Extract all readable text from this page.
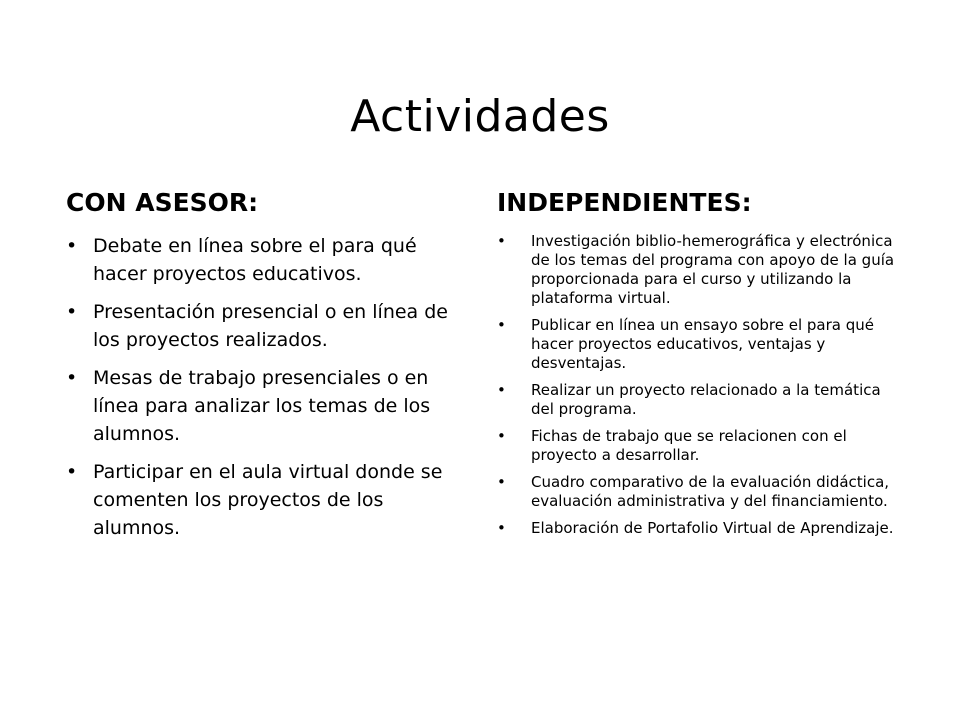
Actividades
CON ASESOR:
• Debate en línea sobre el para qué hacer proyectos educativos.
• Presentación presencial o en línea de los proyectos realizados.
• Mesas de trabajo presenciales o en línea para analizar los temas de los alumnos.
• Participar en el aula virtual donde se comenten los proyectos de los alumnos.
INDEPENDIENTES:
• Investigación biblio-hemerográfica y electrónica de los temas del programa con apoyo de la guía proporcionada para el curso y utilizando la plataforma virtual.
• Publicar en línea un ensayo sobre el para qué hacer proyectos educativos, ventajas y desventajas.
• Realizar un proyecto relacionado a la temática del programa.
• Fichas de trabajo que se relacionen con el proyecto a desarrollar.
• Cuadro comparativo de la evaluación didáctica, evaluación administrativa y del financiamiento.
• Elaboración de Portafolio Virtual de Aprendizaje.
